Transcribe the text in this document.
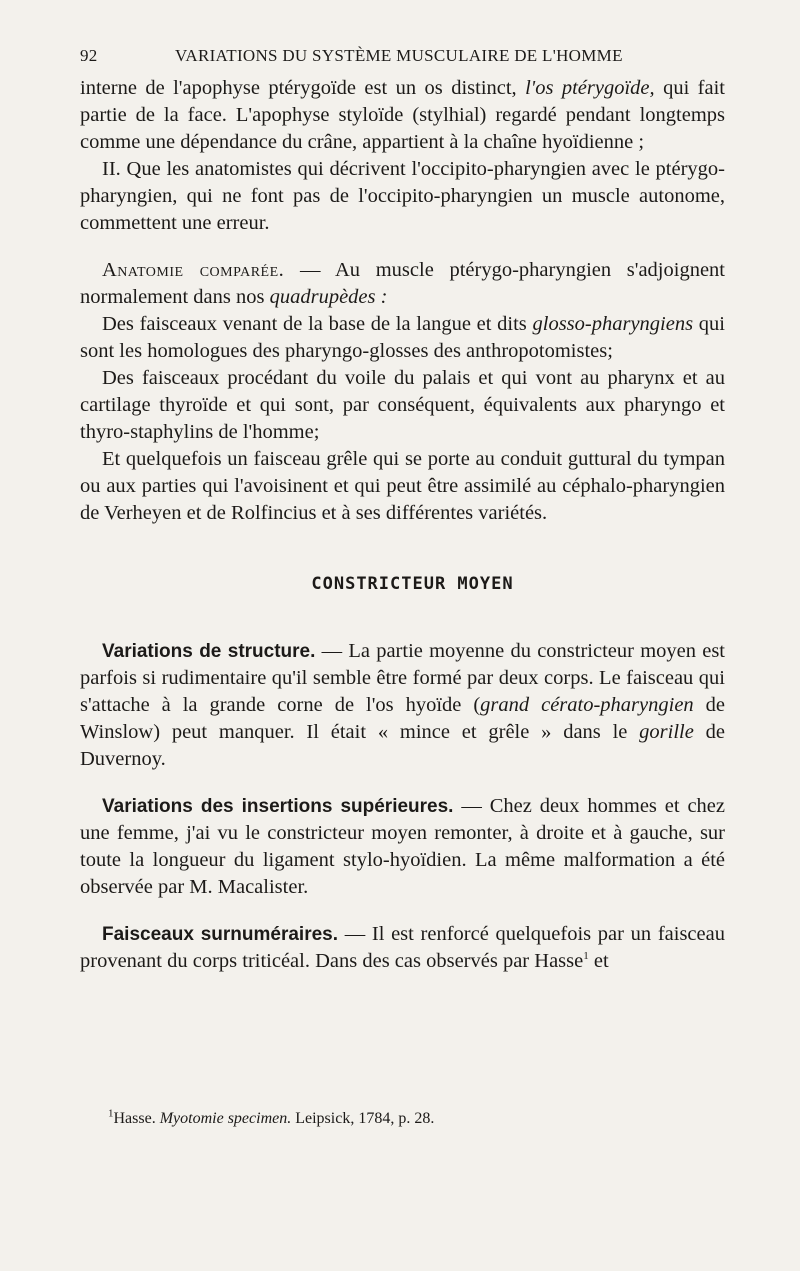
92	VARIATIONS DU SYSTÈME MUSCULAIRE DE L'HOMME

interne de l'apophyse ptérygoïde est un os distinct, l'os ptérygoïde, qui fait partie de la face. L'apophyse styloïde (stylhial) regardé pendant longtemps comme une dépendance du crâne, appartient à la chaîne hyoïdienne ;

II. Que les anatomistes qui décrivent l'occipito-pharyngien avec le ptérygo-pharyngien, qui ne font pas de l'occipito-pharyngien un muscle autonome, commettent une erreur.

Anatomie comparée. — Au muscle ptérygo-pharyngien s'adjoignent normalement dans nos quadrupèdes :

Des faisceaux venant de la base de la langue et dits glosso-pharyngiens qui sont les homologues des pharyngo-glosses des anthropotomistes;

Des faisceaux procédant du voile du palais et qui vont au pharynx et au cartilage thyroïde et qui sont, par conséquent, équivalents aux pharyngo et thyro-staphylins de l'homme;

Et quelquefois un faisceau grêle qui se porte au conduit guttural du tympan ou aux parties qui l'avoisinent et qui peut être assimilé au céphalo-pharyngien de Verheyen et de Rolfincius et à ses différentes variétés.

CONSTRICTEUR MOYEN

Variations de structure. — La partie moyenne du constricteur moyen est parfois si rudimentaire qu'il semble être formé par deux corps. Le faisceau qui s'attache à la grande corne de l'os hyoïde (grand cérato-pharyngien de Winslow) peut manquer. Il était « mince et grêle » dans le gorille de Duvernoy.

Variations des insertions supérieures. — Chez deux hommes et chez une femme, j'ai vu le constricteur moyen remonter, à droite et à gauche, sur toute la longueur du ligament stylo-hyoïdien. La même malformation a été observée par M. Macalister.

Faisceaux surnuméraires. — Il est renforcé quelquefois par un faisceau provenant du corps triticéal. Dans des cas observés par Hasse$^1$ et

$^1$Hasse. Myotomie specimen. Leipsick, 1784, p. 28.
